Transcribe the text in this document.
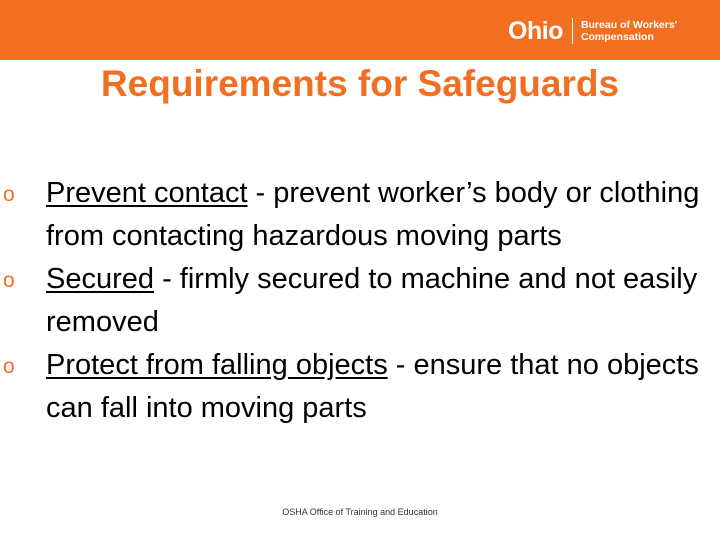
Ohio Bureau of Workers'
Compensation
Requirements for Safeguards
o Prevent contact - prevent worker’s body or clothing from contacting hazardous moving parts
o Secured - firmly secured to machine and not easily removed
o Protect from falling objects - ensure that no objects can fall into moving parts
OSHA Office of Training and Education
